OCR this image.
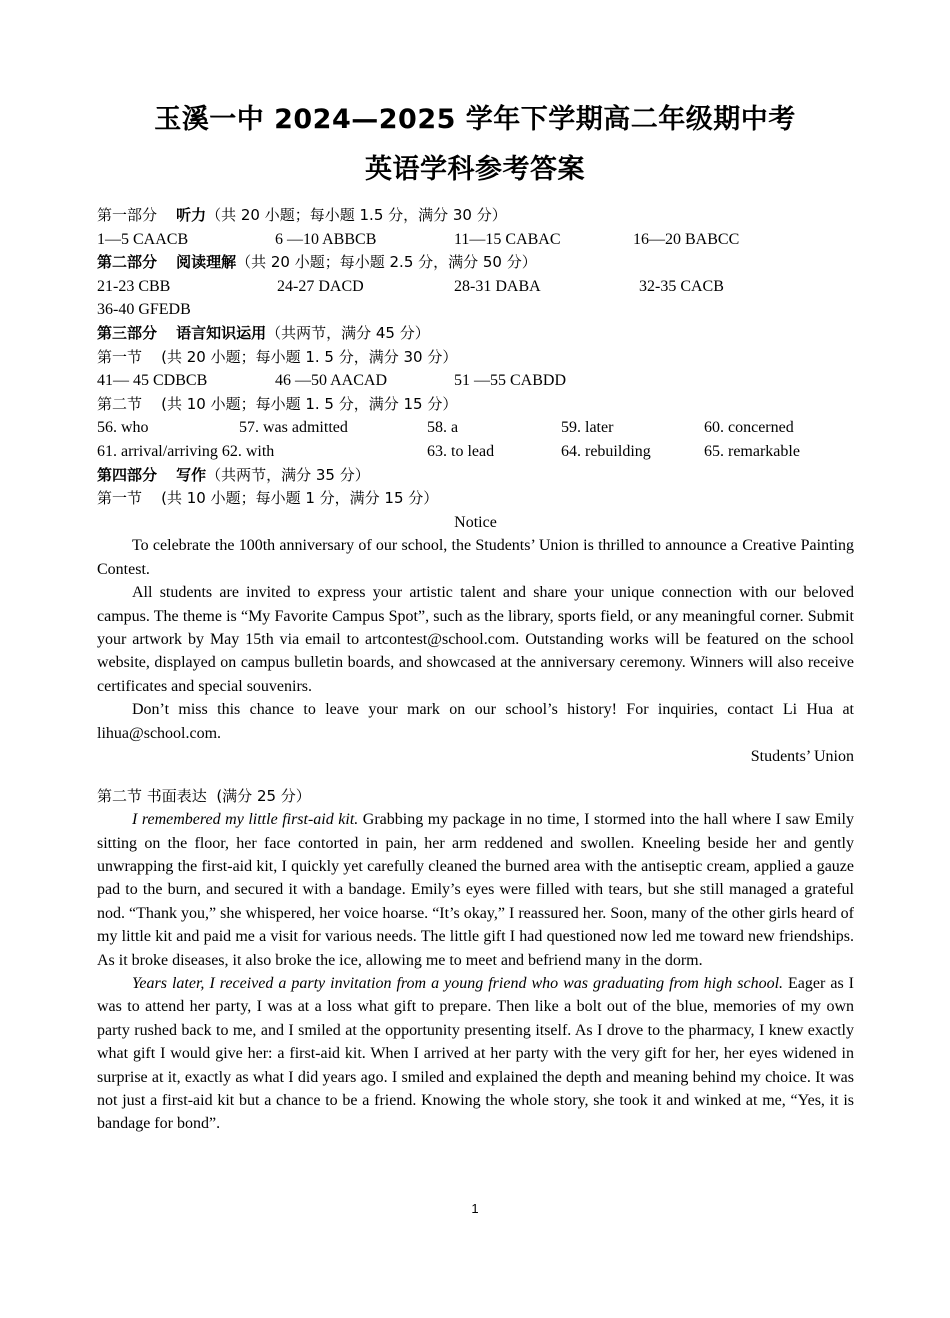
玉溪一中 2024—2025 学年下学期高二年级期中考
英语学科参考答案
第一部分 听力（共 20 小题；每小题 1.5 分，满分 30 分）
1—5 CAACB	6 —10 ABBCB	11—15 CABAC	16—20 BABCC
第二部分 阅读理解（共 20 小题；每小题 2.5 分，满分 50 分）
21-23 CBB	24-27 DACD	28-31 DABA	32-35 CACB
36-40 GFEDB
第三部分 语言知识运用（共两节，满分 45 分）
第一节 (共 20 小题；每小题 1. 5 分，满分 30 分）
41— 45 CDBCB	46 —50 AACAD	51 —55 CABDD
第二节 (共 10 小题；每小题 1. 5 分，满分 15 分）
56. who	57. was admitted	58. a	59. later	60. concerned
61. arrival/arriving 62. with	63. to lead	64. rebuilding	65. remarkable
第四部分 写作（共两节，满分 35 分）
第一节 (共 10 小题；每小题 1 分，满分 15 分）
Notice

To celebrate the 100th anniversary of our school, the Students’ Union is thrilled to announce a Creative Painting Contest.

All students are invited to express your artistic talent and share your unique connection with our beloved campus. The theme is “My Favorite Campus Spot”, such as the library, sports field, or any meaningful corner. Submit your artwork by May 15th via email to artcontest@school.com. Outstanding works will be featured on the school website, displayed on campus bulletin boards, and showcased at the anniversary ceremony. Winners will also receive certificates and special souvenirs.

Don’t miss this chance to leave your mark on our school’s history! For inquiries, contact Li Hua at lihua@school.com.

Students’ Union
第二节 书面表达 (满分 25 分）

I remembered my little first-aid kit. Grabbing my package in no time, I stormed into the hall where I saw Emily sitting on the floor, her face contorted in pain, her arm reddened and swollen. Kneeling beside her and gently unwrapping the first-aid kit, I quickly yet carefully cleaned the burned area with the antiseptic cream, applied a gauze pad to the burn, and secured it with a bandage. Emily’s eyes were filled with tears, but she still managed a grateful nod. “Thank you,” she whispered, her voice hoarse. “It’s okay,” I reassured her. Soon, many of the other girls heard of my little kit and paid me a visit for various needs. The little gift I had questioned now led me toward new friendships. As it broke diseases, it also broke the ice, allowing me to meet and befriend many in the dorm.

Years later, I received a party invitation from a young friend who was graduating from high school. Eager as I was to attend her party, I was at a loss what gift to prepare. Then like a bolt out of the blue, memories of my own party rushed back to me, and I smiled at the opportunity presenting itself. As I drove to the pharmacy, I knew exactly what gift I would give her: a first-aid kit. When I arrived at her party with the very gift for her, her eyes widened in surprise at it, exactly as what I did years ago. I smiled and explained the depth and meaning behind my choice. It was not just a first-aid kit but a chance to be a friend. Knowing the whole story, she took it and winked at me, “Yes, it is bandage for bond”.

1
